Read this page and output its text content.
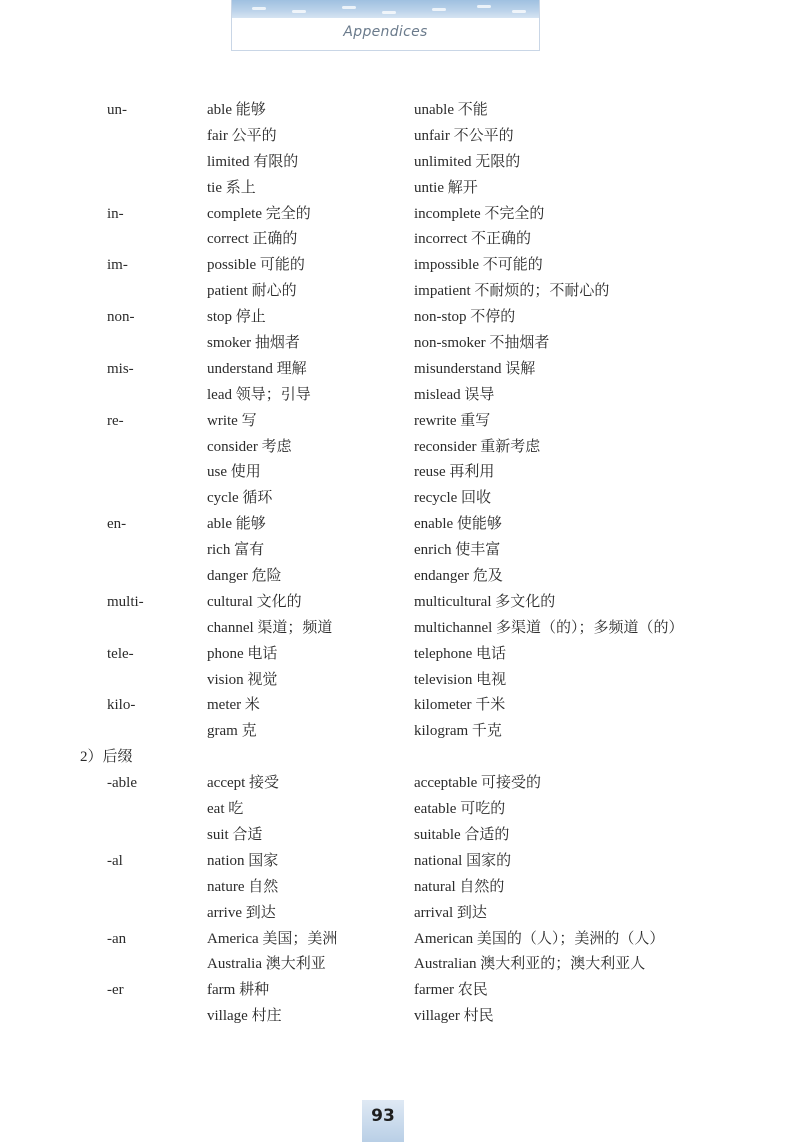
Appendices
un-	able 能够	unable 不能
fair 公平的	unfair 不公平的
limited 有限的	unlimited 无限的
tie 系上	untie 解开
in-	complete 完全的	incomplete 不完全的
correct 正确的	incorrect 不正确的
im-	possible 可能的	impossible 不可能的
patient 耐心的	impatient 不耐烦的；不耐心的
non-	stop 停止	non-stop 不停的
smoker 抽烟者	non-smoker 不抽烟者
mis-	understand 理解	misunderstand 误解
lead 领导；引导	mislead 误导
re-	write 写	rewrite 重写
consider 考虑	reconsider 重新考虑
use 使用	reuse 再利用
cycle 循环	recycle 回收
en-	able 能够	enable 使能够
rich 富有	enrich 使丰富
danger 危险	endanger 危及
multi-	cultural 文化的	multicultural 多文化的
channel 渠道；频道	multichannel 多渠道（的）；多频道（的）
tele-	phone 电话	telephone 电话
vision 视觉	television 电视
kilo-	meter 米	kilometer 千米
gram 克	kilogram 千克
2）后缀
-able	accept 接受	acceptable 可接受的
eat 吃	eatable 可吃的
suit 合适	suitable 合适的
-al	nation 国家	national 国家的
nature 自然	natural 自然的
arrive 到达	arrival 到达
-an	America 美国；美洲	American 美国的（人）；美洲的（人）
Australia 澳大利亚	Australian 澳大利亚的；澳大利亚人
-er	farm 耕种	farmer 农民
village 村庄	villager 村民
93
